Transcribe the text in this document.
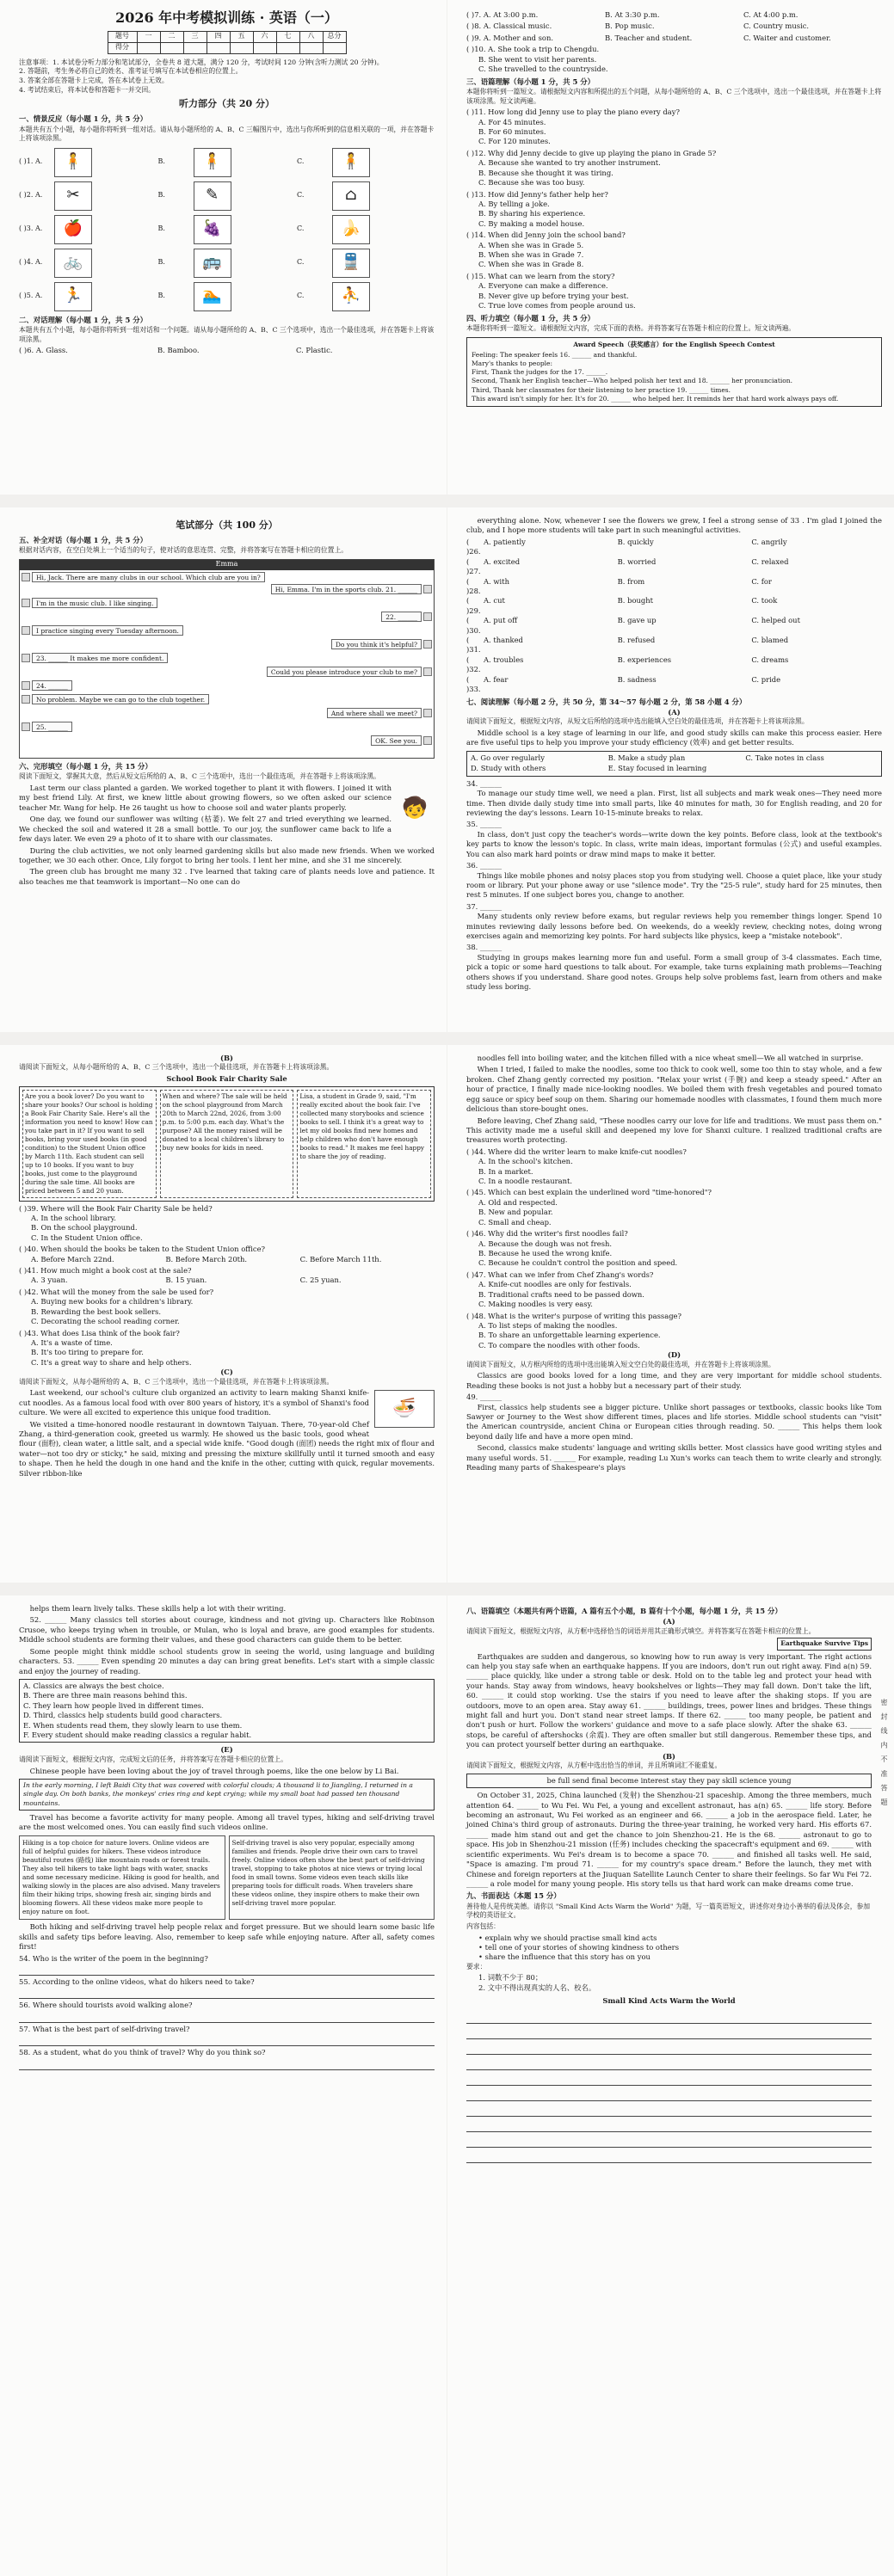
2026 年中考模拟训练 · 英语（一）
题号	一	二	三	四	五	六	七	八	总分
得分									
注意事项：1. 本试卷分听力部分和笔试部分，全卷共 8 道大题，满分 120 分，考试时间 120 分钟(含听力测试 20 分钟)。
2. 答题前，考生务必将自己的姓名、准考证号填写在本试卷相应的位置上。
3. 答案全部在答题卡上完成，答在本试卷上无效。
4. 考试结束后，将本试卷和答题卡一并交回。
听力部分（共 20 分）
一、情景反应（每小题 1 分，共 5 分）
本题共有五个小题，每小题你将听到一组对话。请从每小题所给的 A、B、C 三幅图片中，选出与你所听到的信息相关联的一项，并在答题卡上将该项涂黑。
( )1. A.	🧍	B.	🧍	C.	🧍
( )2. A.	✂	B.	✎	C.	⌂
( )3. A.	🍎	B.	🍇	C.	🍌
( )4. A.	🚲	B.	🚌	C.	🚆
( )5. A.	🏃	B.	🏊	C.	⛹
二、对话理解（每小题 1 分，共 5 分）
本题共有五个小题，每小题你将听到一组对话和一个问题。请从每小题所给的 A、B、C 三个选项中，选出一个最佳选项，并在答题卡上将该项涂黑。
( )6. A. Glass.	B. Bamboo.	C. Plastic.
( )7. A. At 3:00 p.m.	B. At 3:30 p.m.	C. At 4:00 p.m.
( )8. A. Classical music.	B. Pop music.	C. Country music.
( )9. A. Mother and son.	B. Teacher and student.	C. Waiter and customer.
( )10. A. She took a trip to Chengdu.
B. She went to visit her parents.
C. She travelled to the countryside.
三、语篇理解（每小题 1 分，共 5 分）
本题你将听到一篇短文。请根据短文内容和所提出的五个问题，从每小题所给的 A、B、C 三个选项中，选出一个最佳选项，并在答题卡上将该项涂黑。短文读两遍。
( )11. How long did Jenny use to play the piano every day?
A. For 45 minutes.
B. For 60 minutes.
C. For 120 minutes.
( )12. Why did Jenny decide to give up playing the piano in Grade 5?
A. Because she wanted to try another instrument.
B. Because she thought it was tiring.
C. Because she was too busy.
( )13. How did Jenny's father help her?
A. By telling a joke.
B. By sharing his experience.
C. By making a model house.
( )14. When did Jenny join the school band?
A. When she was in Grade 5.
B. When she was in Grade 7.
C. When she was in Grade 8.
( )15. What can we learn from the story?
A. Everyone can make a difference.
B. Never give up before trying your best.
C. True love comes from people around us.
四、听力填空（每小题 1 分，共 5 分）
本题你将听到一篇短文。请根据短文内容，完成下面的表格。并将答案写在答题卡相应的位置上。短文读两遍。
Award Speech（获奖感言）for the English Speech Contest
Feeling: The speaker feels 16. ______ and thankful.
Mary's thanks to people:
First, Thank the judges for the 17. ______.
Second, Thank her English teacher—Who helped polish her text and 18. ______ her pronunciation.
Third, Thank her classmates for their listening to her practice 19. ______ times.
This award isn't simply for her. It's for 20. ______ who helped her. It reminds her that hard work always pays off.
笔试部分（共 100 分）
五、补全对话（每小题 1 分，共 5 分）
根据对话内容，在空白处填上一个适当的句子，使对话的意思连贯、完整，并将答案写在答题卡相应的位置上。
Emma
Hi, Jack. There are many clubs in our school. Which club are you in?
Hi, Emma. I'm in the sports club. 21. ______
I'm in the music club. I like singing.
22. ______
I practice singing every Tuesday afternoon.
Do you think it's helpful?
23. ______ It makes me more confident.
Could you please introduce your club to me?
24. ______
No problem. Maybe we can go to the club together.
And where shall we meet?
25. ______
OK. See you.
六、完形填空（每小题 1 分，共 15 分）
阅读下面短文，掌握其大意，然后从短文后所给的 A、B、C 三个选项中，选出一个最佳选项，并在答题卡上将该项涂黑。
🧒
Last term our class planted a garden. We worked together to plant it with flowers. I joined it with my best friend Lily. At first, we knew little about growing flowers, so we often asked our science teacher Mr. Wang for help. He 26 taught us how to choose soil and water plants properly.
One day, we found our sunflower was wilting (枯萎). We felt 27 and tried everything we learned. We checked the soil and watered it 28 a small bottle. To our joy, the sunflower came back to life a few days later. We even 29 a photo of it to share with our classmates.
During the club activities, we not only learned gardening skills but also made new friends. When we worked together, we 30 each other. Once, Lily forgot to bring her tools. I lent her mine, and she 31 me sincerely.
The green club has brought me many 32 . I've learned that taking care of plants needs love and patience. It also teaches me that teamwork is important—No one can do
everything alone. Now, whenever I see the flowers we grew, I feel a strong sense of 33 . I'm glad I joined the club, and I hope more students will take part in such meaningful activities.
( )26.
A. patiently	B. quickly	C. angrily
( )27.
A. excited	B. worried	C. relaxed
( )28.
A. with	B. from	C. for
( )29.
A. cut	B. bought	C. took
( )30.
A. put off	B. gave up	C. helped out
( )31.
A. thanked	B. refused	C. blamed
( )32.
A. troubles	B. experiences	C. dreams
( )33.
A. fear	B. sadness	C. pride
七、阅读理解（每小题 2 分，共 50 分，第 34～57 每小题 2 分，第 58 小题 4 分）
(A)
请阅读下面短文，根据短文内容，从短文后所给的选项中选出能填入空白处的最佳选项，并在答题卡上将该项涂黑。
Middle school is a key stage of learning in our life, and good study skills can make this process easier. Here are five useful tips to help you improve your study efficiency (效率) and get better results.
A. Go over regularly	B. Make a study plan	C. Take notes in class
D. Study with others	E. Stay focused in learning
34. ______
To manage our study time well, we need a plan. First, list all subjects and mark weak ones—They need more time. Then divide daily study time into small parts, like 40 minutes for math, 30 for English reading, and 20 for reviewing the day's lessons. Learn 10-15-minute breaks to relax.
35. ______
In class, don't just copy the teacher's words—write down the key points. Before class, look at the textbook's key parts to know the lesson's topic. In class, write main ideas, important formulas (公式) and useful examples. You can also mark hard points or draw mind maps to make it better.
36. ______
Things like mobile phones and noisy places stop you from studying well. Choose a quiet place, like your study room or library. Put your phone away or use "silence mode". Try the "25-5 rule", study hard for 25 minutes, then rest 5 minutes. If one subject bores you, change to another.
37. ______
Many students only review before exams, but regular reviews help you remember things longer. Spend 10 minutes reviewing daily lessons before bed. On weekends, do a weekly review, checking notes, doing wrong exercises again and memorizing key points. For hard subjects like physics, keep a "mistake notebook".
38. ______
Studying in groups makes learning more fun and useful. Form a small group of 3-4 classmates. Each time, pick a topic or some hard questions to talk about. For example, take turns explaining math problems—Teaching others shows if you understand. Share good notes. Groups help solve problems fast, learn from others and make study less boring.
(B)
请阅读下面短文，从每小题所给的 A、B、C 三个选项中，选出一个最佳选项，并在答题卡上将该项涂黑。
School Book Fair Charity Sale
Are you a book lover? Do you want to share your books? Our school is holding a Book Fair Charity Sale. Here's all the information you need to know! How can you take part in it? If you want to sell books, bring your used books (in good condition) to the Student Union office by March 11th. Each student can sell up to 10 books. If you want to buy books, just come to the playground during the sale time. All books are priced between 5 and 20 yuan.
When and where? The sale will be held on the school playground from March 20th to March 22nd, 2026, from 3:00 p.m. to 5:00 p.m. each day. What's the purpose? All the money raised will be donated to a local children's library to buy new books for kids in need.
Lisa, a student in Grade 9, said, "I'm really excited about the book fair. I've collected many storybooks and science books to sell. I think it's a great way to let my old books find new homes and help children who don't have enough books to read." It makes me feel happy to share the joy of reading.
( )39. Where will the Book Fair Charity Sale be held?
A. In the school library.
B. On the school playground.
C. In the Student Union office.
( )40. When should the books be taken to the Student Union office?
A. Before March 22nd.	B. Before March 20th.	C. Before March 11th.
( )41. How much might a book cost at the sale?
A. 3 yuan.	B. 15 yuan.	C. 25 yuan.
( )42. What will the money from the sale be used for?
A. Buying new books for a children's library.
B. Rewarding the best book sellers.
C. Decorating the school reading corner.
( )43. What does Lisa think of the book fair?
A. It's a waste of time.
B. It's too tiring to prepare for.
C. It's a great way to share and help others.
(C)
请阅读下面短文，从每小题所给的 A、B、C 三个选项中，选出一个最佳选项，并在答题卡上将该项涂黑。
🍜
Last weekend, our school's culture club organized an activity to learn making Shanxi knife-cut noodles. As a famous local food with over 800 years of history, it's a symbol of Shanxi's food culture. We were all excited to experience this unique food tradition.
We visited a time-honored noodle restaurant in downtown Taiyuan. There, 70-year-old Chef Zhang, a third-generation cook, greeted us warmly. He showed us the basic tools, good wheat flour (面粉), clean water, a little salt, and a special wide knife. "Good dough (面团) needs the right mix of flour and water—not too dry or sticky," he said, mixing and pressing the mixture skillfully until it turned smooth and easy to shape. Then he held the dough in one hand and the knife in the other, cutting with quick, regular movements. Silver ribbon-like
noodles fell into boiling water, and the kitchen filled with a nice wheat smell—We all watched in surprise.
When I tried, I failed to make the noodles, some too thick to cook well, some too thin to stay whole, and a few broken. Chef Zhang gently corrected my position. "Relax your wrist (手腕) and keep a steady speed." After an hour of practice, I finally made nice-looking noodles. We boiled them with fresh vegetables and poured tomato egg sauce or spicy beef soup on them. Sharing our homemade noodles with classmates, I found them much more delicious than store-bought ones.
Before leaving, Chef Zhang said, "These noodles carry our love for life and traditions. We must pass them on." This activity made me a useful skill and deepened my love for Shanxi culture. I realized traditional crafts are treasures worth protecting.
( )44. Where did the writer learn to make knife-cut noodles?
A. In the school's kitchen.
B. In a market.
C. In a noodle restaurant.
( )45. Which can best explain the underlined word "time-honored"?
A. Old and respected.
B. New and popular.
C. Small and cheap.
( )46. Why did the writer's first noodles fail?
A. Because the dough was not fresh.
B. Because he used the wrong knife.
C. Because he couldn't control the position and speed.
( )47. What can we infer from Chef Zhang's words?
A. Knife-cut noodles are only for festivals.
B. Traditional crafts need to be passed down.
C. Making noodles is very easy.
( )48. What is the writer's purpose of writing this passage?
A. To list steps of making the noodles.
B. To share an unforgettable learning experience.
C. To compare the noodles with other foods.
(D)
请阅读下面短文，从方框内所给的选项中选出能填入短文空白处的最佳选项，并在答题卡上将该项涂黑。
Classics are good books loved for a long time, and they are very important for middle school students. Reading these books is not just a hobby but a necessary part of their study.
49. ______
First, classics help students see a bigger picture. Unlike short passages or textbooks, classic books like Tom Sawyer or Journey to the West show different times, places and life stories. Middle school students can "visit" the American countryside, ancient China or European cities through reading. 50. ______ This helps them look beyond daily life and have a more open mind.
Second, classics make students' language and writing skills better. Most classics have good writing styles and many useful words. 51. ______ For example, reading Lu Xun's works can teach them to write clearly and strongly. Reading many parts of Shakespeare's plays
helps them learn lively talks. These skills help a lot with their writing.
52. ______ Many classics tell stories about courage, kindness and not giving up. Characters like Robinson Crusoe, who keeps trying when in trouble, or Mulan, who is loyal and brave, are good examples for students. Middle school students are forming their values, and these good characters can guide them to be better.
Some people might think middle school students grow in seeing the world, using language and building characters. 53. ______ Even spending 20 minutes a day can bring great benefits. Let's start with a simple classic and enjoy the journey of reading.
A. Classics are always the best choice.
B. There are three main reasons behind this.
C. They learn how people lived in different times.
D. Third, classics help students build good characters.
E. When students read them, they slowly learn to use them.
F. Every student should make reading classics a regular habit.
(E)
请阅读下面短文，根据短文内容，完成短文后的任务，并将答案写在答题卡相应的位置上。
Chinese people have been loving about the joy of travel through poems, like the one below by Li Bai.
In the early morning, I left Baidi City that was covered with colorful clouds; A thousand li to Jiangling, I returned in a single day. On both banks, the monkeys' cries ring and kept crying; while my small boat had passed ten thousand mountains.
Travel has become a favorite activity for many people. Among all travel types, hiking and self-driving travel are the most welcomed ones. You can easily find such videos online.
Hiking is a top choice for nature lovers. Online videos are full of helpful guides for hikers. These videos introduce beautiful routes (路线) like mountain roads or forest trails. They also tell hikers to take light bags with water, snacks and some necessary medicine. Hiking is good for health, and walking slowly in the places are also advised. Many travelers film their hiking trips, showing fresh air, singing birds and blooming flowers. All these videos make more people to enjoy nature on foot.
Self-driving travel is also very popular, especially among families and friends. People drive their own cars to travel freely. Online videos often show the best part of self-driving travel, stopping to take photos at nice views or trying local food in small towns. Some videos even teach skills like preparing tools for difficult roads. When travelers share these videos online, they inspire others to make their own self-driving travel more popular.
Both hiking and self-driving travel help people relax and forget pressure. But we should learn some basic life skills and safety tips before leaving. Also, remember to keep safe while enjoying nature. After all, safety comes first!
54. Who is the writer of the poem in the beginning?
55. According to the online videos, what do hikers need to take?
56. Where should tourists avoid walking alone?
57. What is the best part of self-driving travel?
58. As a student, what do you think of travel? Why do you think so?
密 封 线 内 不 准 答 题
八、语篇填空（本题共有两个语篇，A 篇有五个小题，B 篇有十个小题，每小题 1 分，共 15 分）
(A)
请阅读下面短文，根据短文内容，从方框中选择恰当的词语并用其正确形式填空。并将答案写在答题卡相应的位置上。
Earthquake Survive Tips
Earthquakes are sudden and dangerous, so knowing how to run away is very important. The right actions can help you stay safe when an earthquake happens. If you are indoors, don't run out right away. Find a(n) 59. ______ place quickly, like under a strong table or desk. Hold on to the table leg and protect your head with your hands. Stay away from windows, heavy bookshelves or lights—They may fall down. Don't take the lift, 60. ______ it could stop working. Use the stairs if you need to leave after the shaking stops. If you are outdoors, move to an open area. Stay away 61. ______ buildings, trees, power lines and bridges. These things might fall and hurt you. Don't stand near street lamps. If there 62. ______ too many people, be patient and don't push or hurt. Follow the workers' guidance and move to a safe place slowly. After the shake 63. ______ stops, be careful of aftershocks (余震). They are often smaller but still dangerous. Remember these tips, and you can protect yourself better during an earthquake.
(B)
请阅读下面短文，根据短文内容，从方框中选出恰当的单词，并且所填词汇不能重复。
be full send final become interest stay they pay skill science young
On October 31, 2025, China launched (发射) the Shenzhou-21 spaceship. Among the three members, much attention 64. ______ to Wu Fei. Wu Fei, a young and excellent astronaut, has a(n) 65. ______ life story. Before becoming an astronaut, Wu Fei worked as an engineer and 66. ______ a job in the aerospace field. Later, he joined China's third group of astronauts. During the three-year training, he worked very hard. His efforts 67. ______ made him stand out and get the chance to join Shenzhou-21. He is the 68. ______ astronaut to go to space. His job in Shenzhou-21 mission (任务) includes checking the spacecraft's equipment and 69. ______ with scientific experiments. Wu Fei's dream is to become a space 70. ______ and finished all tasks well. He said, "Space is amazing. I'm proud 71. ______ for my country's space dream." Before the launch, they met with Chinese and foreign reporters at the Jiuquan Satellite Launch Center to share their feelings. So far Wu Fei 72. ______ a role model for many young people. His story tells us that hard work can make dreams come true.
九、书面表达（本题 15 分）
善待他人是传统美德。请你以 "Small Kind Acts Warm the World" 为题，写一篇英语短文，讲述你对身边小善举的看法及体会，参加学校的英语征文。
内容包括：
• explain why we should practise small kind acts
• tell one of your stories of showing kindness to others
• share the influence that this story has on you
要求：
1. 词数不少于 80；
2. 文中不得出现真实的人名、校名。
Small Kind Acts Warm the World
